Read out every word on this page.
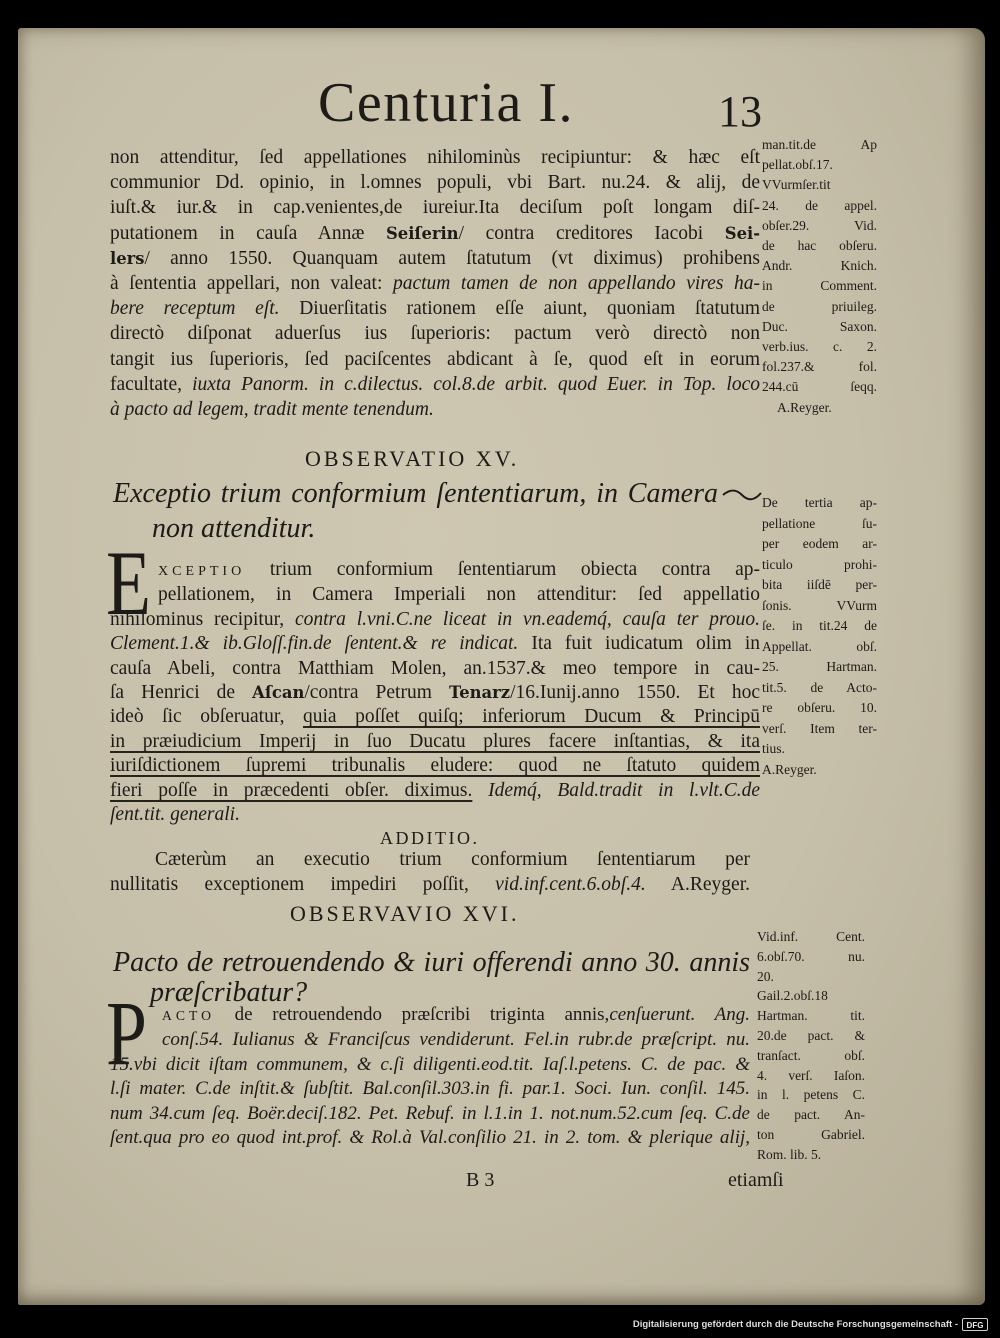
Centuria I.	13
non attenditur, ſed appellationes nihilominùs recipiuntur: & hæc eſt
communior Dd. opinio, in l.omnes populi, vbi Bart. nu.24. & alij, de
iuſt.& iur.& in cap.venientes,de iureiur.Ita deciſum poſt longam diſ-
putationem in cauſa Annæ Seiſerin/ contra creditores Iacobi Sei-
lers/ anno 1550. Quanquam autem ſtatutum (vt diximus) prohibens
à ſententia appellari, non valeat: pactum tamen de non appellando vires ha-
bere receptum eſt. Diuerſitatis rationem eſſe aiunt, quoniam ſtatutum
directò diſponat aduerſus ius ſuperioris: pactum verò directò non
tangit ius ſuperioris, ſed paciſcentes abdicant à ſe, quod eſt in eorum
facultate, iuxta Panorm. in c.dilectus. col.8.de arbit. quod Euer. in Top. loco
à pacto ad legem, tradit mente tenendum.
man.tit.de Ap
pellat.obſ.17.
VVurmſer.tit
24. de appel.
obſer.29. Vid.
de hac obſeru.
Andr. Knich.
in Comment.
de priuileg.
Duc. Saxon.
verb.ius. c. 2.
fol.237.& fol.
244.cū ſeqq.
A.Reyger.
OBSERVATIO XV.
Exceptio trium conformium ſententiarum, in Camera
non attenditur.
De tertia ap-
pellatione ſu-
per eodem ar-
ticulo prohi-
bita iiſdē per-
ſonis. VVurm
ſe. in tit.24 de
Appellat. obſ.
25. Hartman.
tit.5. de Acto-
re obſeru. 10.
verſ. Item ter-
tius.
A.Reyger.
E XCEPTIO trium conformium ſententiarum obiecta contra ap-
pellationem, in Camera Imperiali non attenditur: ſed appellatio
nihilominus recipitur, contra l.vni.C.ne liceat in vn.eademq́, cauſa ter prouo.
Clement.1.& ib.Gloſſ.fin.de ſentent.& re indicat. Ita fuit iudicatum olim in
cauſa Abeli, contra Matthiam Molen, an.1537.& meo tempore in cau-
ſa Henrici de Aſcan/contra Petrum Tenarz/16.Iunij.anno 1550. Et hoc
ideò ſic obſeruatur, quia poſſet quiſq; inferiorum Ducum & Principū
in præiudicium Imperij in ſuo Ducatu plures facere inſtantias, & ita
iuriſdictionem ſupremi tribunalis eludere: quod ne ſtatuto quidem
fieri poſſe in præcedenti obſer. diximus. Idemq́, Bald.tradit in l.vlt.C.de
ſent.tit. generali.
ADDITIO.
Cæterùm an executio trium conformium ſententiarum per
nullitatis exceptionem impediri poſſit, vid.inf.cent.6.obſ.4. A.Reyger.
OBSERVAVIO XVI.
Pacto de retrouendendo & iuri offerendi anno 30. annis
præſcribatur?
Vid.inf. Cent.
6.obſ.70. nu.
20.
Gail.2.obſ.18
Hartman. tit.
20.de pact. &
tranſact. obſ.
4. verſ. Iaſon.
in l. petens C.
de pact. An-
ton Gabriel.
Rom. lib. 5.
P ACTO de retrouendendo præſcribi triginta annis,cenſuerunt. Ang.
conſ.54. Iulianus & Franciſcus vendiderunt. Fel.in rubr.de præſcript. nu.
15.vbi dicit iſtam communem, & c.ſi diligenti.eod.tit. Iaſ.l.petens. C. de pac. &
l.ſi mater. C.de inſtit.& ſubſtit. Bal.conſil.303.in fi. par.1. Soci. Iun. conſil. 145.
num 34.cum ſeq. Boër.deciſ.182. Pet. Rebuf. in l.1.in 1. not.num.52.cum ſeq. C.de
ſent.qua pro eo quod int.prof. & Rol.à Val.conſilio 21. in 2. tom. & plerique alij,
B 3	etiamſi
Digitalisierung gefördert durch die Deutsche Forschungsgemeinschaft -	DFG
